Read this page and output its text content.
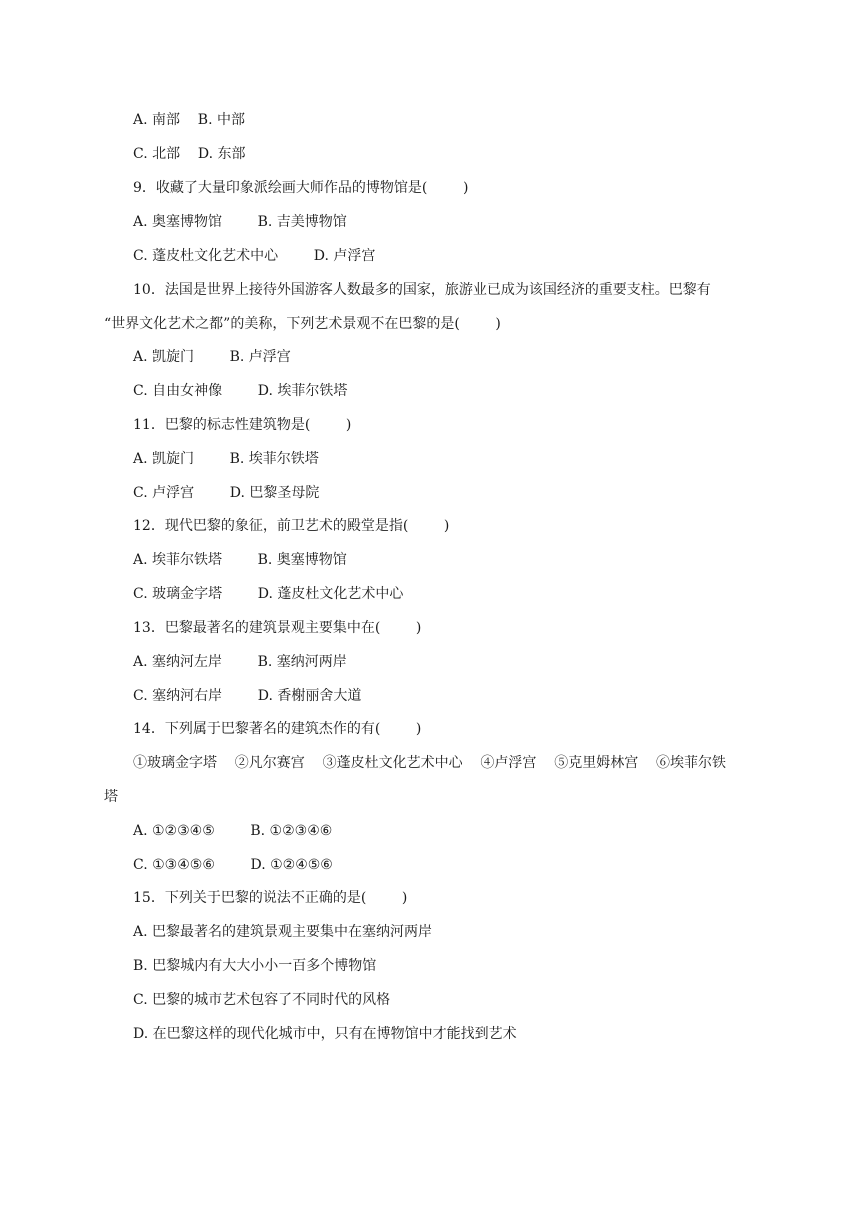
A. 南部    B. 中部
C. 北部    D. 东部
9．收藏了大量印象派绘画大师作品的博物馆是(        )
A. 奥塞博物馆        B. 吉美博物馆
C. 蓬皮杜文化艺术中心        D. 卢浮宫
10．法国是世界上接待外国游客人数最多的国家，旅游业已成为该国经济的重要支柱。巴黎有
“世界文化艺术之都”的美称，下列艺术景观不在巴黎的是(        )
A. 凯旋门        B. 卢浮宫
C. 自由女神像        D. 埃菲尔铁塔
11．巴黎的标志性建筑物是(        )
A. 凯旋门        B. 埃菲尔铁塔
C. 卢浮宫        D. 巴黎圣母院
12．现代巴黎的象征，前卫艺术的殿堂是指(        )
A. 埃菲尔铁塔        B. 奥塞博物馆
C. 玻璃金字塔        D. 蓬皮杜文化艺术中心
13．巴黎最著名的建筑景观主要集中在(        )
A. 塞纳河左岸        B. 塞纳河两岸
C. 塞纳河右岸        D. 香榭丽舍大道
14．下列属于巴黎著名的建筑杰作的有(        )
①玻璃金字塔    ②凡尔赛宫    ③蓬皮杜文化艺术中心    ④卢浮宫    ⑤克里姆林宫    ⑥埃菲尔铁
塔
A. ①②③④⑤        B. ①②③④⑥
C. ①③④⑤⑥        D. ①②④⑤⑥
15．下列关于巴黎的说法不正确的是(        )
A. 巴黎最著名的建筑景观主要集中在塞纳河两岸
B. 巴黎城内有大大小小一百多个博物馆
C. 巴黎的城市艺术包容了不同时代的风格
D. 在巴黎这样的现代化城市中，只有在博物馆中才能找到艺术
